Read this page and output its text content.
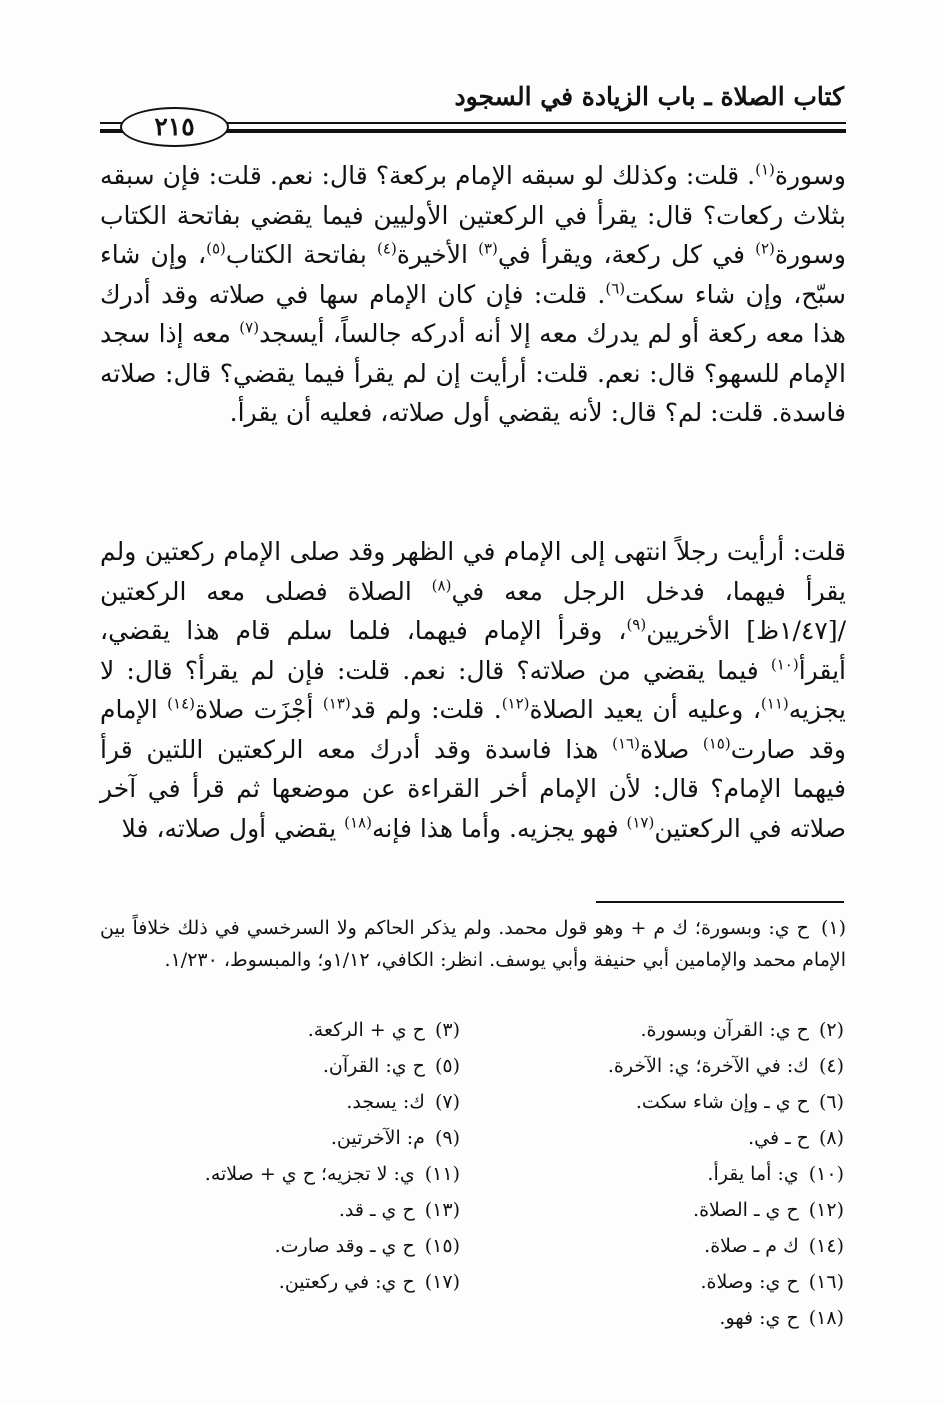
كتاب الصلاة ـ باب الزيادة في السجود
٢١٥

وسورة$^{(١)}$. قلت: وكذلك لو سبقه الإمام بركعة؟ قال: نعم. قلت: فإن سبقه بثلاث ركعات؟ قال: يقرأ في الركعتين الأوليين فيما يقضي بفاتحة الكتاب وسورة$^{(٢)}$ في كل ركعة، ويقرأ في$^{(٣)}$ الأخيرة$^{(٤)}$ بفاتحة الكتاب$^{(٥)}$، وإن شاء سبّح، وإن شاء سكت$^{(٦)}$. قلت: فإن كان الإمام سها في صلاته وقد أدرك هذا معه ركعة أو لم يدرك معه إلا أنه أدركه جالساً، أيسجد$^{(٧)}$ معه إذا سجد الإمام للسهو؟ قال: نعم. قلت: أرأيت إن لم يقرأ فيما يقضي؟ قال: صلاته فاسدة. قلت: لم؟ قال: لأنه يقضي أول صلاته، فعليه أن يقرأ.

قلت: أرأيت رجلاً انتهى إلى الإمام في الظهر وقد صلى الإمام ركعتين ولم يقرأ فيهما، فدخل الرجل معه في$^{(٨)}$ الصلاة فصلى معه الركعتين /[١/٤٧ظ] الأخريين$^{(٩)}$، وقرأ الإمام فيهما، فلما سلم قام هذا يقضي، أيقرأ$^{(١٠)}$ فيما يقضي من صلاته؟ قال: نعم. قلت: فإن لم يقرأ؟ قال: لا يجزيه$^{(١١)}$، وعليه أن يعيد الصلاة$^{(١٢)}$. قلت: ولم قد$^{(١٣)}$ أجْزَت صلاة$^{(١٤)}$ الإمام وقد صارت$^{(١٥)}$ صلاة$^{(١٦)}$ هذا فاسدة وقد أدرك معه الركعتين اللتين قرأ فيهما الإمام؟ قال: لأن الإمام أخر القراءة عن موضعها ثم قرأ في آخر صلاته في الركعتين$^{(١٧)}$ فهو يجزيه. وأما هذا فإنه$^{(١٨)}$ يقضي أول صلاته، فلا

(١)ح ي: وبسورة؛ ك م + وهو قول محمد. ولم يذكر الحاكم ولا السرخسي في ذلك خلافاً بين الإمام محمد والإمامين أبي حنيفة وأبي يوسف. انظر: الكافي، ١/١٢و؛ والمبسوط، ١/٢٣٠.
(٢)ح ي: القرآن وبسورة.
(٤)ك: في الآخرة؛ ي: الآخرة.
(٦)ح ي ـ وإن شاء سكت.
(٨)ح ـ في.
(١٠)ي: أما يقرأ.
(١٢)ح ي ـ الصلاة.
(١٤)ك م ـ صلاة.
(١٦)ح ي: وصلاة.
(١٨)ح ي: فهو.
(٣)ح ي + الركعة.
(٥)ح ي: القرآن.
(٧)ك: يسجد.
(٩)م: الآخرتين.
(١١)ي: لا تجزيه؛ ح ي + صلاته.
(١٣)ح ي ـ قد.
(١٥)ح ي ـ وقد صارت.
(١٧)ح ي: في ركعتين.
